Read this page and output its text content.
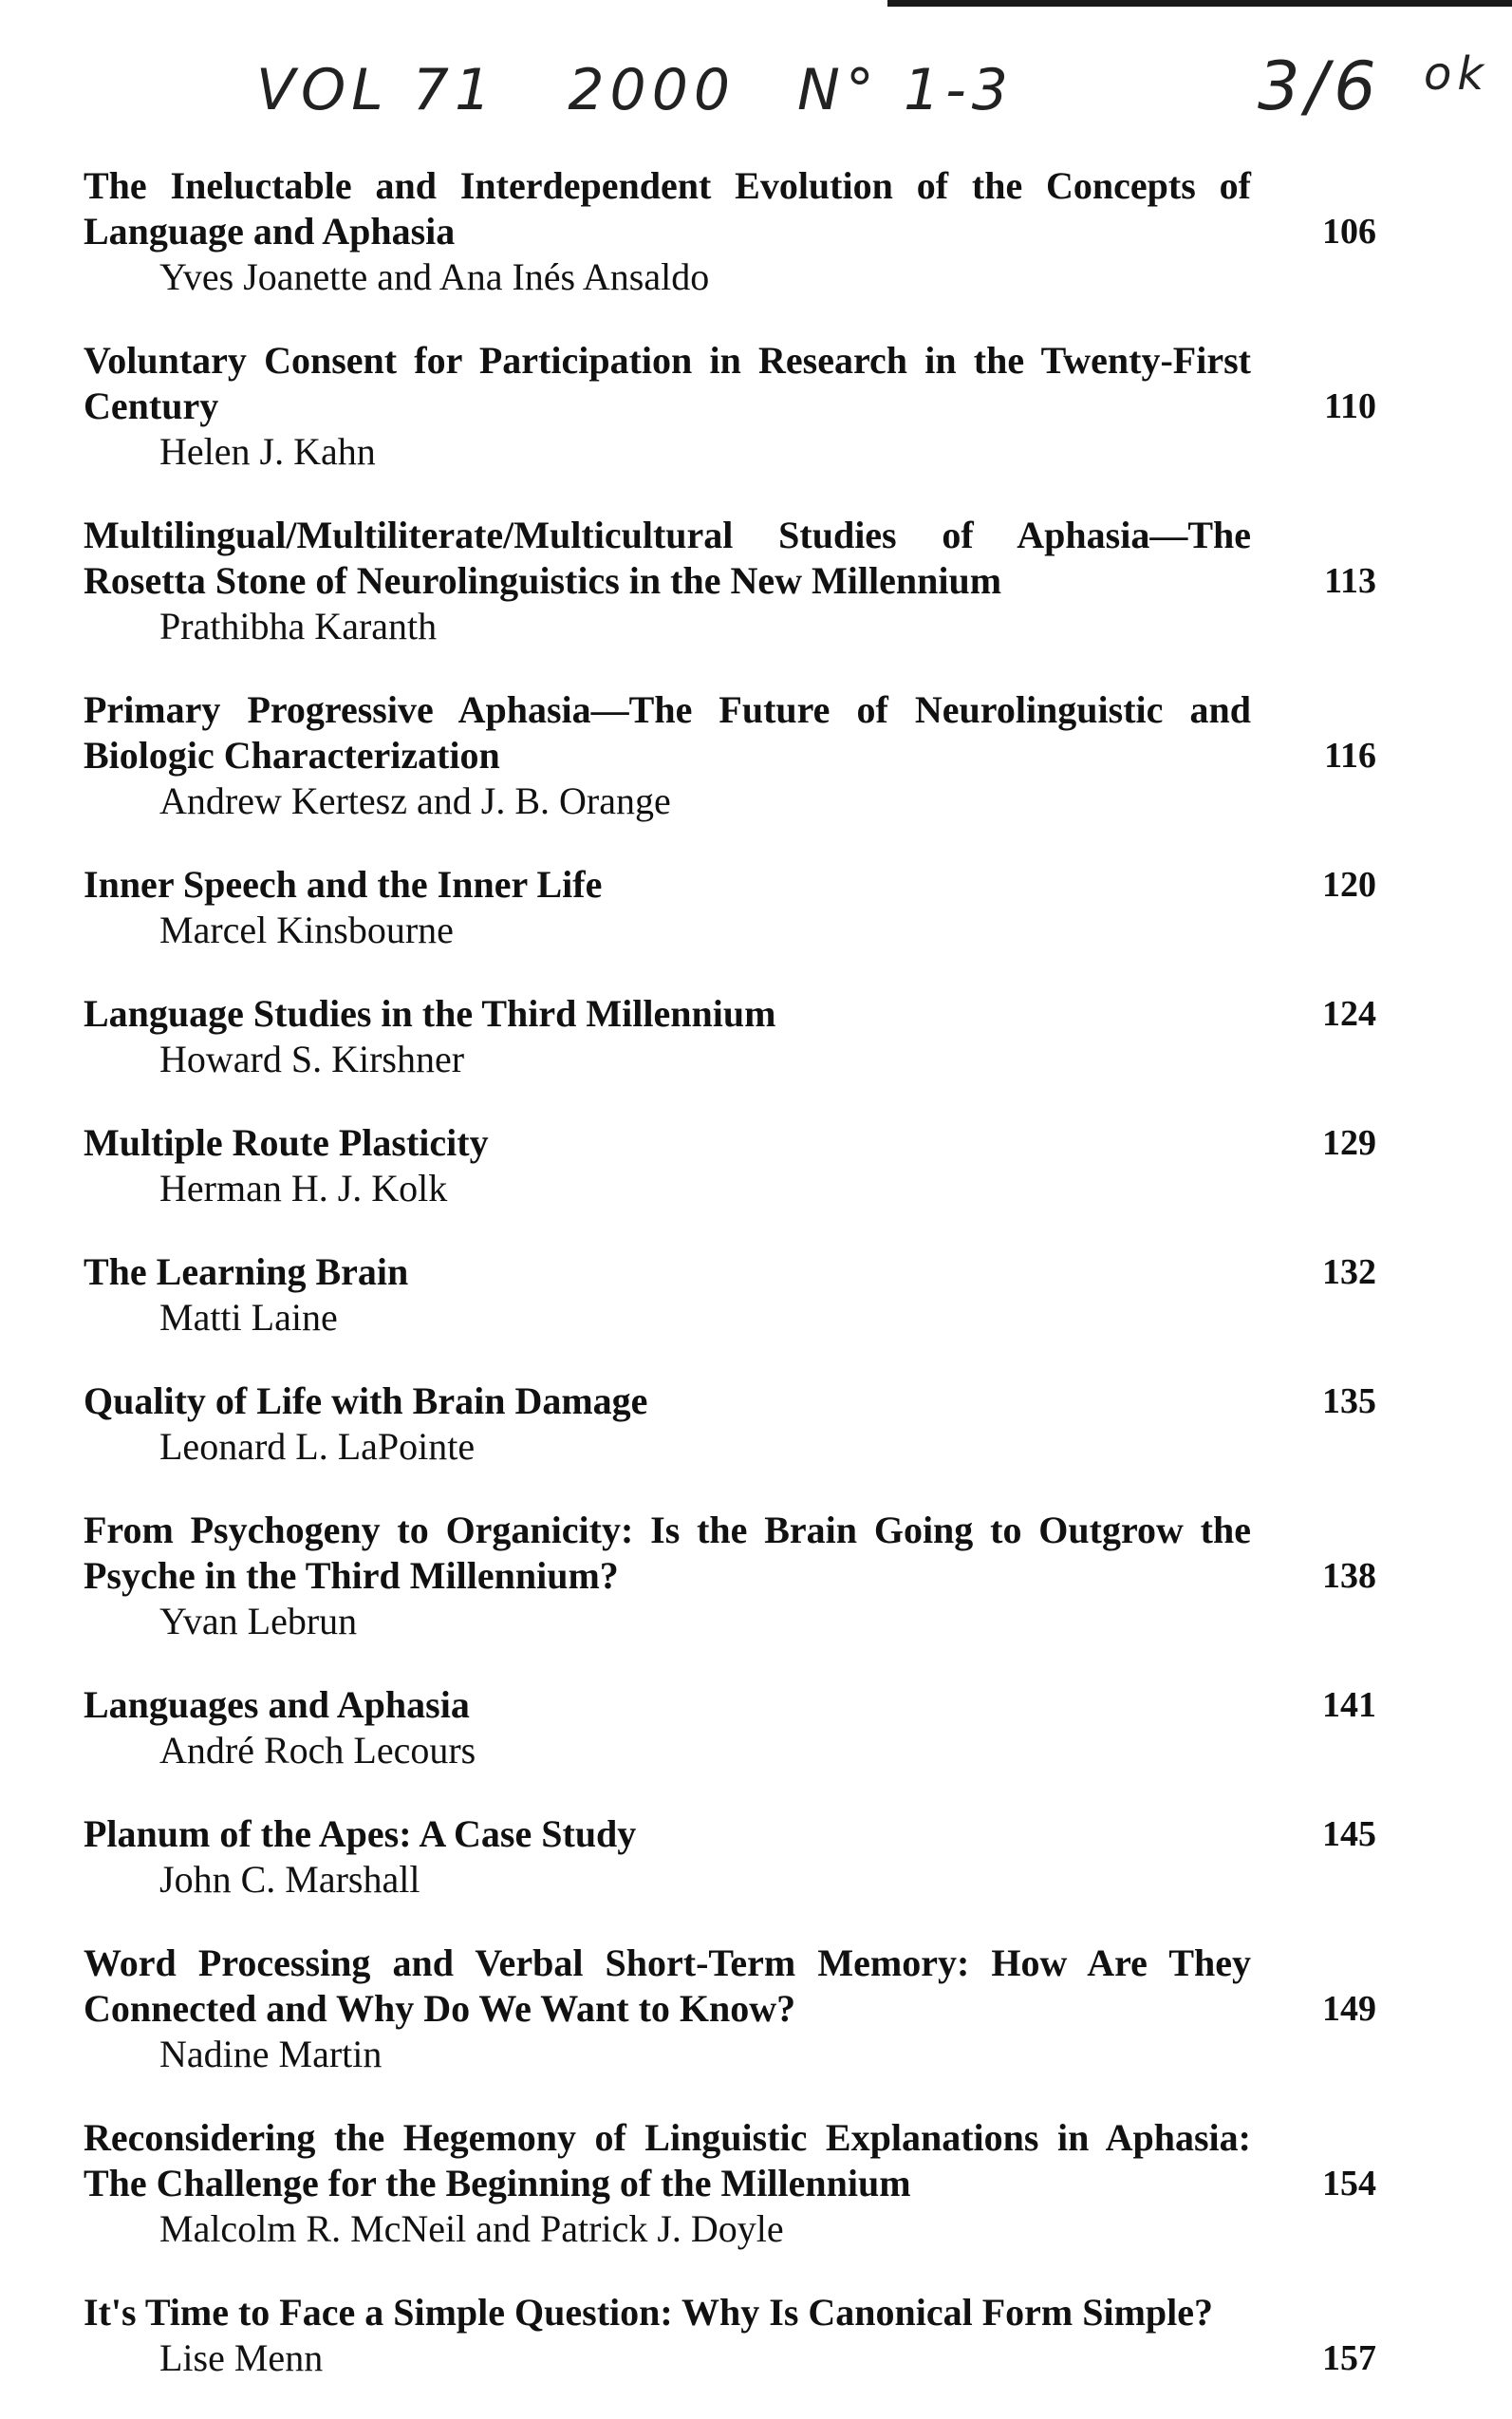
VOL 71 2000 N° 1-3	3/6 ok
The Ineluctable and Interdependent Evolution of the Concepts of Language and Aphasia
Yves Joanette and Ana Inés Ansaldo
106
Voluntary Consent for Participation in Research in the Twenty-First Century
Helen J. Kahn
110
Multilingual/Multiliterate/Multicultural Studies of Aphasia—The Rosetta Stone of Neurolinguistics in the New Millennium
Prathibha Karanth
113
Primary Progressive Aphasia—The Future of Neurolinguistic and Biologic Characterization
Andrew Kertesz and J. B. Orange
116
Inner Speech and the Inner Life
Marcel Kinsbourne
120
Language Studies in the Third Millennium
Howard S. Kirshner
124
Multiple Route Plasticity
Herman H. J. Kolk
129
The Learning Brain
Matti Laine
132
Quality of Life with Brain Damage
Leonard L. LaPointe
135
From Psychogeny to Organicity: Is the Brain Going to Outgrow the Psyche in the Third Millennium?
Yvan Lebrun
138
Languages and Aphasia
André Roch Lecours
141
Planum of the Apes: A Case Study
John C. Marshall
145
Word Processing and Verbal Short-Term Memory: How Are They Connected and Why Do We Want to Know?
Nadine Martin
149
Reconsidering the Hegemony of Linguistic Explanations in Aphasia: The Challenge for the Beginning of the Millennium
Malcolm R. McNeil and Patrick J. Doyle
154
It's Time to Face a Simple Question: Why Is Canonical Form Simple?
Lise Menn	157
